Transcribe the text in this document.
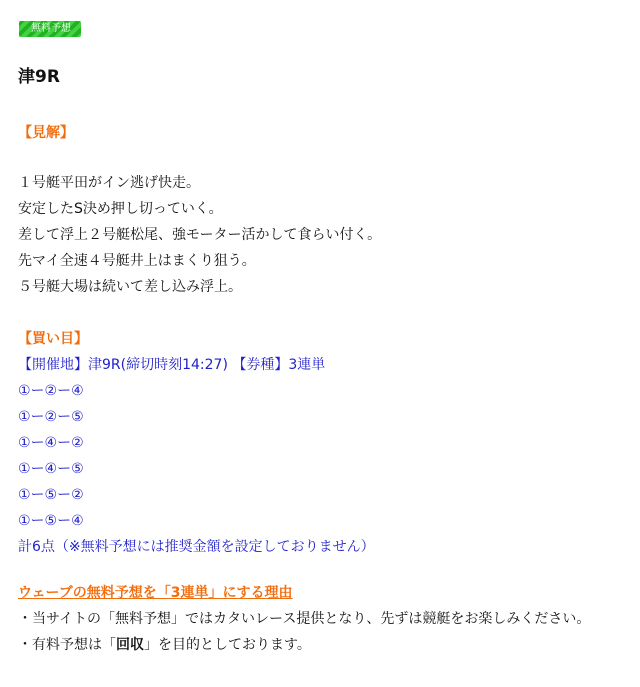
無料予想
津9R
【見解】
１号艇平田がイン逃げ快走。
安定したS決め押し切っていく。
差して浮上２号艇松尾、強モーター活かして食らい付く。
先マイ全速４号艇井上はまくり狙う。
５号艇大場は続いて差し込み浮上。
【買い目】
【開催地】津9R(締切時刻14:27) 【券種】3連単
①ー②ー④
①ー②ー⑤
①ー④ー②
①ー④ー⑤
①ー⑤ー②
①ー⑤ー④
計6点（※無料予想には推奨金額を設定しておりません）
ウェーブの無料予想を「3連単」にする理由
・当サイトの「無料予想」ではカタいレース提供となり、先ずは競艇をお楽しみください。
・有料予想は「回収」を目的としております。
